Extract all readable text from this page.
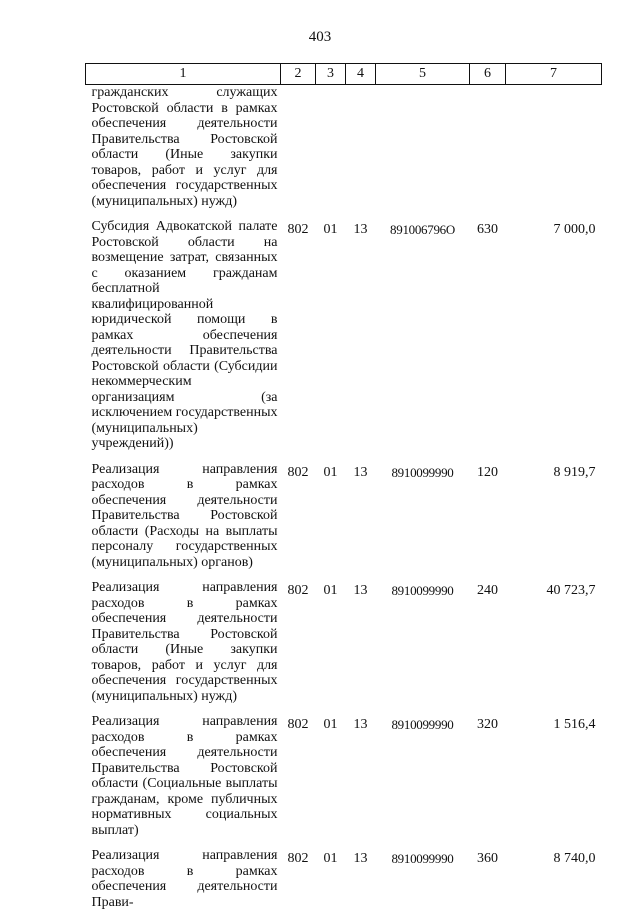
403
1	2	3	4	5	6	7
гражданских служащих Ростовской области в рамках обеспечения деятельности Правительства Ростовской области (Иные закупки товаров, работ и услуг для обеспечения государственных (муниципальных) нужд)						
Субсидия Адвокатской палате Ростовской области на возмещение затрат, связанных с оказанием гражданам бесплатной квалифицированной юридической помощи в рамках обеспечения деятельности Правительства Ростовской области (Субсидии некоммерческим организациям (за исключением государственных (муниципальных) учреждений))	802	01	13	891006796О	630	7 000,0
Реализация направления расходов в рамках обеспечения деятельности Правительства Ростовской области (Расходы на выплаты персоналу государственных (муниципальных) органов)	802	01	13	8910099990	120	8 919,7
Реализация направления расходов в рамках обеспечения деятельности Правительства Ростовской области (Иные закупки товаров, работ и услуг для обеспечения государственных (муниципальных) нужд)	802	01	13	8910099990	240	40 723,7
Реализация направления расходов в рамках обеспечения деятельности Правительства Ростовской области (Социальные выплаты гражданам, кроме публичных нормативных социальных выплат)	802	01	13	8910099990	320	1 516,4
Реализация направления расходов в рамках обеспечения деятельности Прави-	802	01	13	8910099990	360	8 740,0
